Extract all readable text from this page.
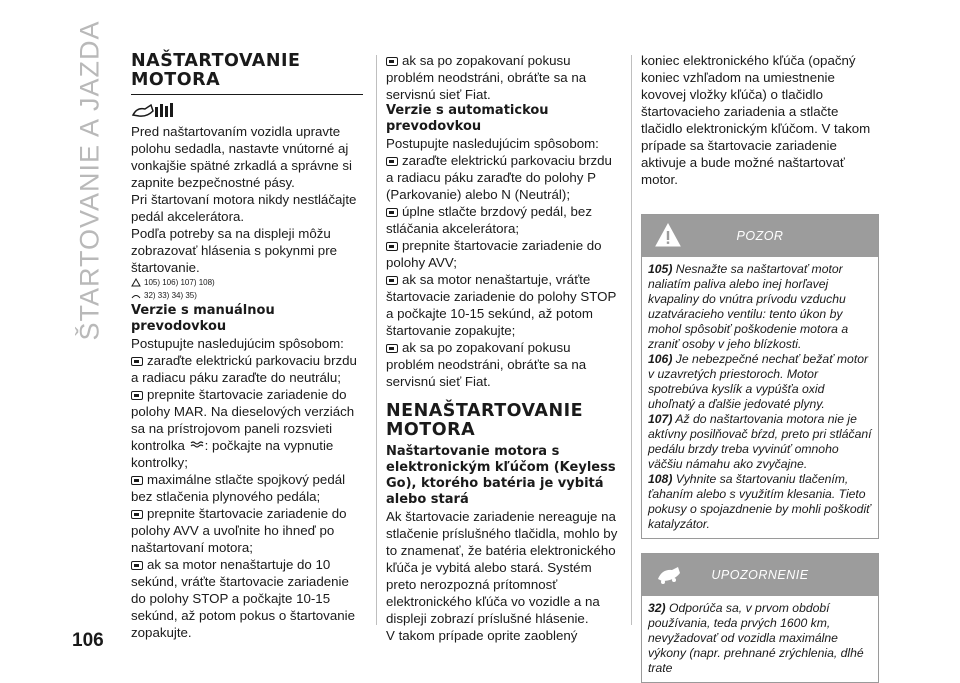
ŠTARTOVANIE A JAZDA NAŠTARTOVANIE MOTORA

Pred naštartovaním vozidla upravte polohu sedadla, nastavte vnútorné aj vonkajšie spätné zrkadlá a správne si zapnite bezpečnostné pásy.

Pri štartovaní motora nikdy nestláčajte pedál akcelerátora.

Podľa potreby sa na displeji môžu zobrazovať hlásenia s pokynmi pre štartovanie.

105) 106) 107) 108)
32) 33) 34) 35)

Verzie s manuálnou prevodovkou

Postupujte nasledujúcim spôsobom:

zaraďte elektrickú parkovaciu brzdu a radiacu páku zaraďte do neutrálu;

prepnite štartovacie zariadenie do polohy MAR. Na dieselových verziách sa na prístrojovom paneli rozsvieti

kontrolka : počkajte na vypnutie kontrolky;

maximálne stlačte spojkový pedál bez stlačenia plynového pedála;

prepnite štartovacie zariadenie do polohy AVV a uvoľnite ho ihneď po naštartovaní motora;

ak sa motor nenaštartuje do 10 sekúnd, vráťte štartovacie zariadenie do polohy STOP a počkajte 10-15 sekúnd, až potom pokus o štartovanie zopakujte.

ak sa po zopakovaní pokusu problém neodstráni, obráťte sa na servisnú sieť Fiat.

Verzie s automatickou prevodovkou

Postupujte nasledujúcim spôsobom:

zaraďte elektrickú parkovaciu brzdu a radiacu páku zaraďte do polohy P (Parkovanie) alebo N (Neutrál);

úplne stlačte brzdový pedál, bez stláčania akcelerátora;

prepnite štartovacie zariadenie do polohy AVV;

ak sa motor nenaštartuje, vráťte štartovacie zariadenie do polohy STOP a počkajte 10-15 sekúnd, až potom štartovanie zopakujte;

ak sa po zopakovaní pokusu problém neodstráni, obráťte sa na servisnú sieť Fiat.

NENAŠTARTOVANIE MOTORA

Naštartovanie motora s elektronickým kľúčom (Keyless Go), ktorého batéria je vybitá alebo stará

Ak štartovacie zariadenie nereaguje na stlačenie príslušného tlačidla, mohlo by to znamenať, že batéria elektronického kľúča je vybitá alebo stará. Systém preto nerozpozná prítomnosť elektronického kľúča vo vozidle a na displeji zobrazí príslušné hlásenie.

V takom prípade oprite zaoblený

koniec elektronického kľúča (opačný koniec vzhľadom na umiestnenie kovovej vložky kľúča) o tlačidlo štartovacieho zariadenia a stlačte tlačidlo elektronickým kľúčom. V takom prípade sa štartovacie zariadenie aktivuje a bude možné naštartovať motor.

POZOR

105) Nesnažte sa naštartovať motor naliatím paliva alebo inej horľavej kvapaliny do vnútra prívodu vzduchu uzatváracieho ventilu: tento úkon by mohol spôsobiť poškodenie motora a zraniť osoby v jeho blízkosti.

106) Je nebezpečné nechať bežať motor v uzavretých priestoroch. Motor spotrebúva kyslík a vypúšťa oxid uhoľnatý a ďalšie jedovaté plyny.

107) Až do naštartovania motora nie je aktívny posilňovač bŕzd, preto pri stláčaní pedálu brzdy treba vyvinúť omnoho väčšiu námahu ako zvyčajne.

108) Vyhnite sa štartovaniu tlačením, ťahaním alebo s využitím klesania. Tieto pokusy o spojazdnenie by mohli poškodiť katalyzátor.

UPOZORNENIE

32) Odporúča sa, v prvom období používania, teda prvých 1600 km, nevyžadovať od vozidla maximálne výkony (napr. prehnané zrýchlenia, dlhé trate

106
